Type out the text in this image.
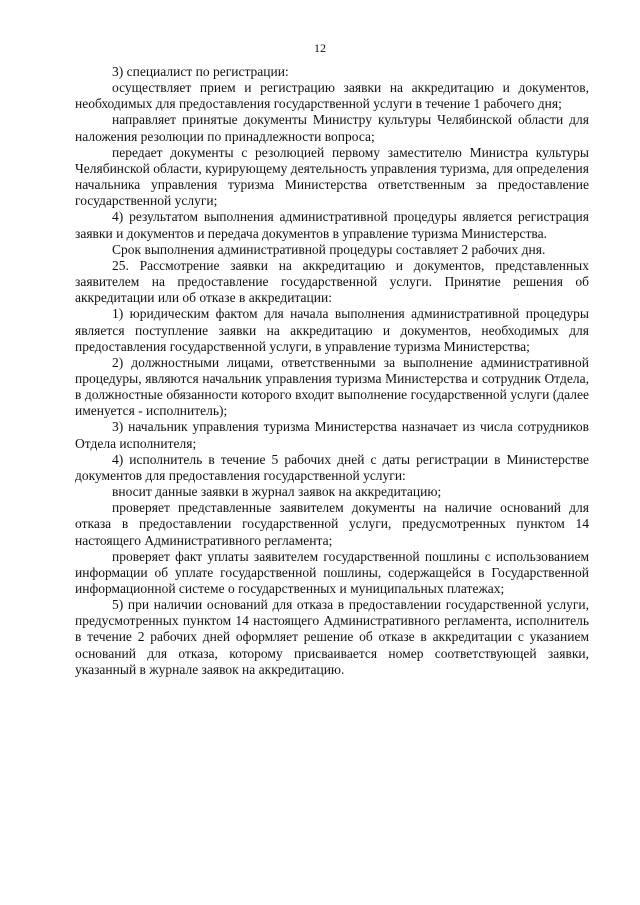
12

3) специалист по регистрации:

осуществляет прием и регистрацию заявки на аккредитацию и документов, необходимых для предоставления государственной услуги в течение 1 рабочего дня;

направляет принятые документы Министру культуры Челябинской области для наложения резолюции по принадлежности вопроса;

передает документы с резолюцией первому заместителю Министра культуры Челябинской области, курирующему деятельность управления туризма, для определения начальника управления туризма Министерства ответственным за предоставление государственной услуги;

4) результатом выполнения административной процедуры является регистрация заявки и документов и передача документов в управление туризма Министерства.

Срок выполнения административной процедуры составляет 2 рабочих дня.

25. Рассмотрение заявки на аккредитацию и документов, представленных заявителем на предоставление государственной услуги. Принятие решения об аккредитации или об отказе в аккредитации:

1) юридическим фактом для начала выполнения административной процедуры является поступление заявки на аккредитацию и документов, необходимых для предоставления государственной услуги, в управление туризма Министерства;

2) должностными лицами, ответственными за выполнение административной процедуры, являются начальник управления туризма Министерства и сотрудник Отдела, в должностные обязанности которого входит выполнение государственной услуги (далее именуется - исполнитель);

3) начальник управления туризма Министерства назначает из числа сотрудников Отдела исполнителя;

4) исполнитель в течение 5 рабочих дней с даты регистрации в Министерстве документов для предоставления государственной услуги:

вносит данные заявки в журнал заявок на аккредитацию;

проверяет представленные заявителем документы на наличие оснований для отказа в предоставлении государственной услуги, предусмотренных пунктом 14 настоящего Административного регламента;

проверяет факт уплаты заявителем государственной пошлины с использованием информации об уплате государственной пошлины, содержащейся в Государственной информационной системе о государственных и муниципальных платежах;

5) при наличии оснований для отказа в предоставлении государственной услуги, предусмотренных пунктом 14 настоящего Административного регламента, исполнитель в течение 2 рабочих дней оформляет решение об отказе в аккредитации с указанием оснований для отказа, которому присваивается номер соответствующей заявки, указанный в журнале заявок на аккредитацию.
